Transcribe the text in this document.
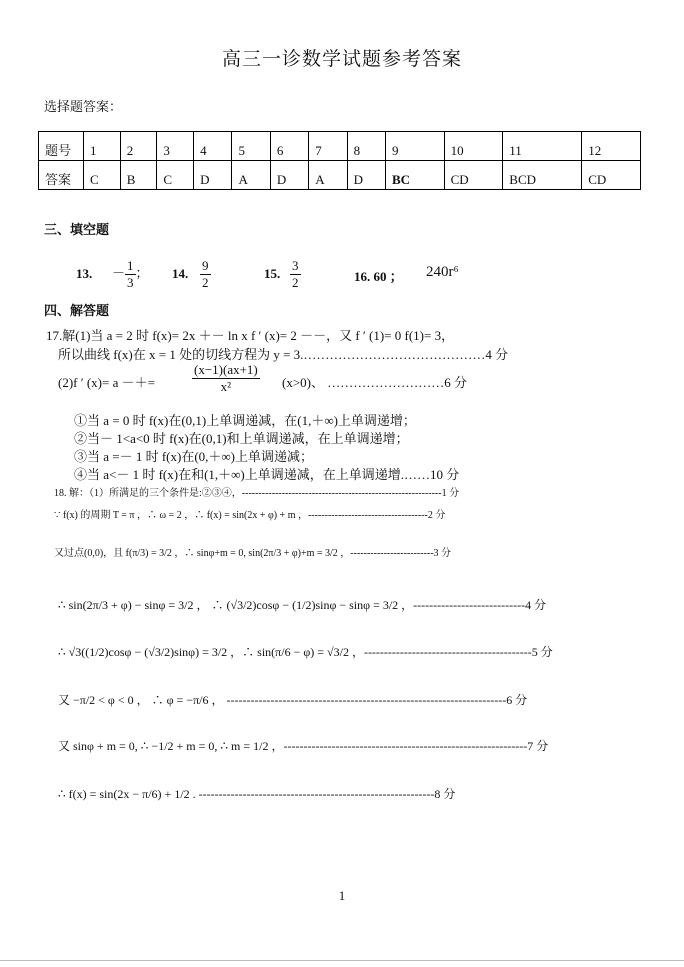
高三一诊数学试题参考答案
选择题答案：
题号	1	2	3	4	5	6	7	8	9	10	11	12
答案	C	B	C	D	A	D	A	D	BC	CD	BCD	CD
三、填空题
13. － $\frac{1}{3}$ ； 14. $\frac{9}{2}$	15. $\frac{3}{2}$	16. 60 ； 240r⁶
四、解答题
17.解(1)当 a = 2 时 f(x)= 2x ＋－ ln x f ′ (x)= 2 －－，又 f ′ (1)= 0 f(1)= 3，
所以曲线 f(x)在 x = 1 处的切线方程为 y = 3.……………………………………4 分
(2)f ′ (x)= a －＋=	$\frac{(x-1)(ax+1)}{\text{x²}} (x>0)$、 ………………………6 分
①当 a = 0 时 f(x)在(0,1)上单调递减，在(1,＋∞)上单调递增；
②当－ 1<a<0 时 f(x)在(0,1)和上单调递减，在上单调递增；
③当 a =－ 1 时 f(x)在(0,＋∞)上单调递减；
④当 a<－ 1 时 f(x)在和(1,＋∞)上单调递减，在上单调递增.……10 分
18. 解：（1）所满足的三个条件是:②③④，------------------------------------------------------------1 分
∵ f(x) 的周期 T = π ，∴ ω = 2 ，∴ f(x) = sin(2x + φ) + m ，------------------------------------2 分
又过点(0,0)，且 f(π/3) = 3/2 ，∴ sinφ+m = 0, sin(2π/3 + φ)+m = 3/2 ，-------------------------3 分
∴ sin(2π/3 + φ) − sinφ = 3/2 ， ∴ (√3/2)cosφ − (1/2)sinφ − sinφ = 3/2 ，----------------------------4 分
∴ √3((1/2)cosφ − (√3/2)sinφ) = 3/2 ，∴ sin(π/6 − φ) = √3/2 ，------------------------------------------5 分
又 −π/2 < φ < 0 ， ∴ φ = −π/6 ， ----------------------------------------------------------------------6 分
又 sinφ + m = 0, ∴ −1/2 + m = 0, ∴ m = 1/2 ，-------------------------------------------------------------7 分
∴ f(x) = sin(2x − π/6) + 1/2 . -----------------------------------------------------------8 分
1
